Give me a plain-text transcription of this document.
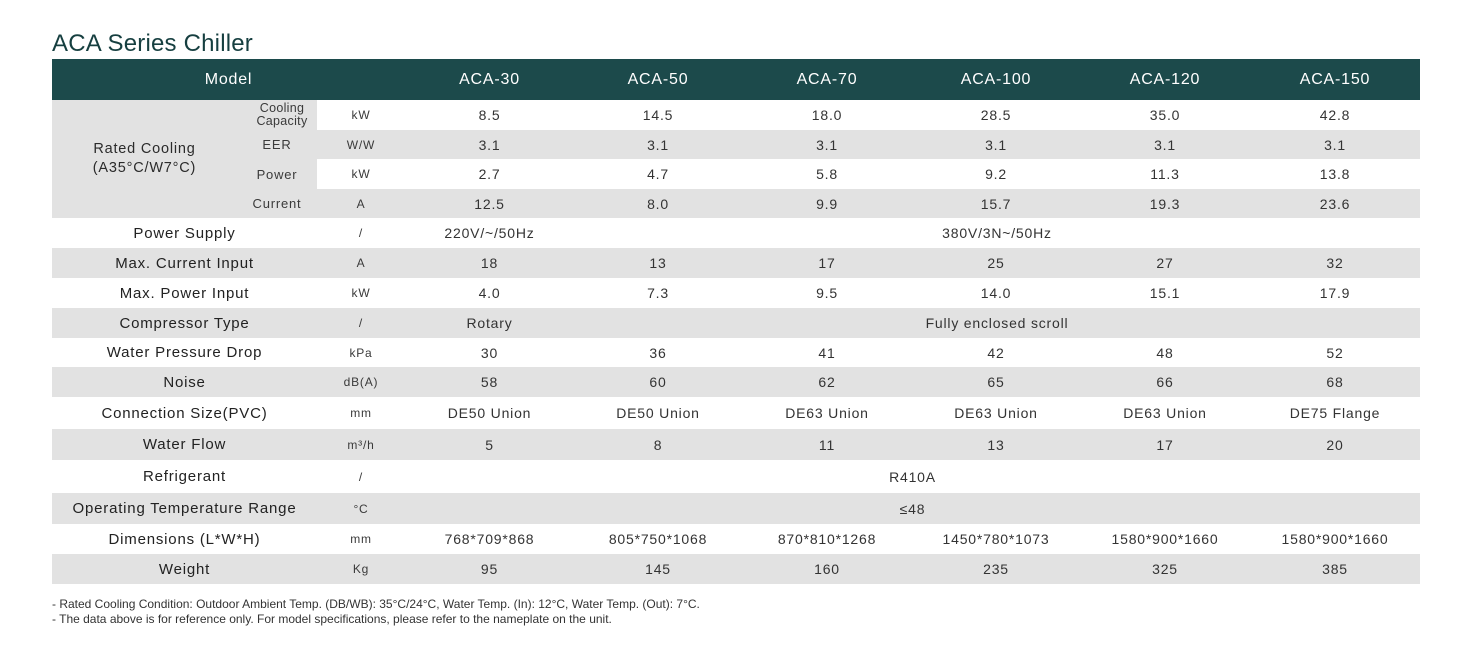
ACA Series Chiller
Model			ACA-30	ACA-50	ACA-70	ACA-100	ACA-120	ACA-150

Rated Cooling
(A35°C/W7°C)	Cooling Capacity	kW	8.5	14.5	18.0	28.5	35.0	42.8
	EER	W/W	3.1	3.1	3.1	3.1	3.1	3.1
	Power	kW	2.7	4.7	5.8	9.2	11.3	13.8
	Current	A	12.5	8.0	9.9	15.7	19.3	23.6
Power Supply		/	220V/~/50Hz	380V/3N~/50Hz				
Max. Current Input		A	18	13	17	25	27	32
Max. Power Input		kW	4.0	7.3	9.5	14.0	15.1	17.9
Compressor Type		/	Rotary	Fully enclosed scroll				
Water Pressure Drop		kPa	30	36	41	42	48	52
Noise		dB(A)	58	60	62	65	66	68
Connection Size(PVC)		mm	DE50 Union	DE50 Union	DE63 Union	DE63 Union	DE63 Union	DE75 Flange
Water Flow		m³/h	5	8	11	13	17	20
Refrigerant		/	R410A					
Operating Temperature Range		°C	≤48					
Dimensions (L*W*H)		mm	768*709*868	805*750*1068	870*810*1268	1450*780*1073	1580*900*1660	1580*900*1660
Weight		Kg	95	145	160	235	325	385
- Rated Cooling Condition: Outdoor Ambient Temp. (DB/WB): 35°C/24°C, Water Temp. (In): 12°C, Water Temp. (Out): 7°C.
- The data above is for reference only. For model specifications, please refer to the nameplate on the unit.
